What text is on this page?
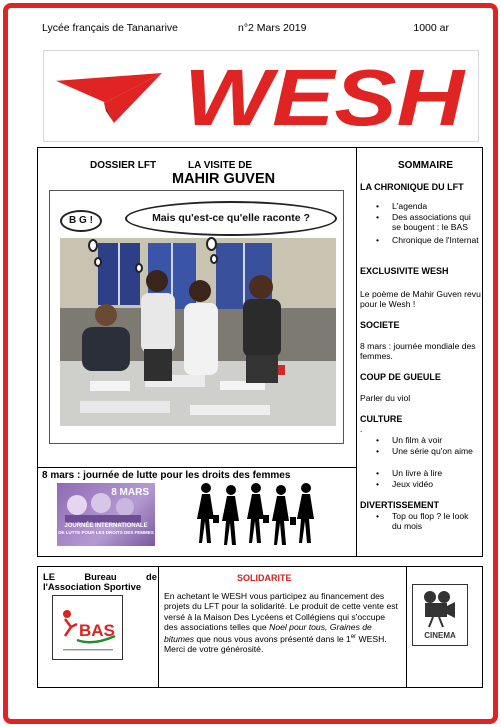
Lycée français de Tananarive	n°2 Mars 2019	1000 ar
WESH
DOSSIER LFT	LA VISITE DE
MAHIR GUVEN
B G !	Mais qu'est-ce qu'elle raconte ?
8 mars : journée de lutte pour les droits des femmes
8 MARS
JOURNÉE INTERNATIONALE
DE LUTTE POUR LES DROITS DES FEMMES
SOMMAIRE
LA CHRONIQUE DU LFT
• L'agenda
• Des associations qui se bougent : le BAS
• Chronique de l'Internat
EXCLUSIVITE WESH
Le poème de Mahir Guven revu pour le Wesh !
SOCIETE
8 mars : journée mondiale des femmes.
COUP DE GUEULE
Parler du viol
CULTURE
.
• Un film à voir
• Une série qu'on aime
• Un livre à lire
• Jeux vidéo
DIVERTISSEMENT
• Top ou flop ? le look du mois
LE	Bureau	de
l'Association Sportive
BAS
SOLIDARITE
En achetant le WESH vous participez au financement des projets du LFT pour la solidarité. Le produit de cette vente est versé à la Maison Des Lycéens et Collégiens qui s'occupe des associations telles que Noel pour tous, Graines de bitumes que nous vous avons présenté dans le 1er WESH. Merci de votre générosité.
CINEMA
